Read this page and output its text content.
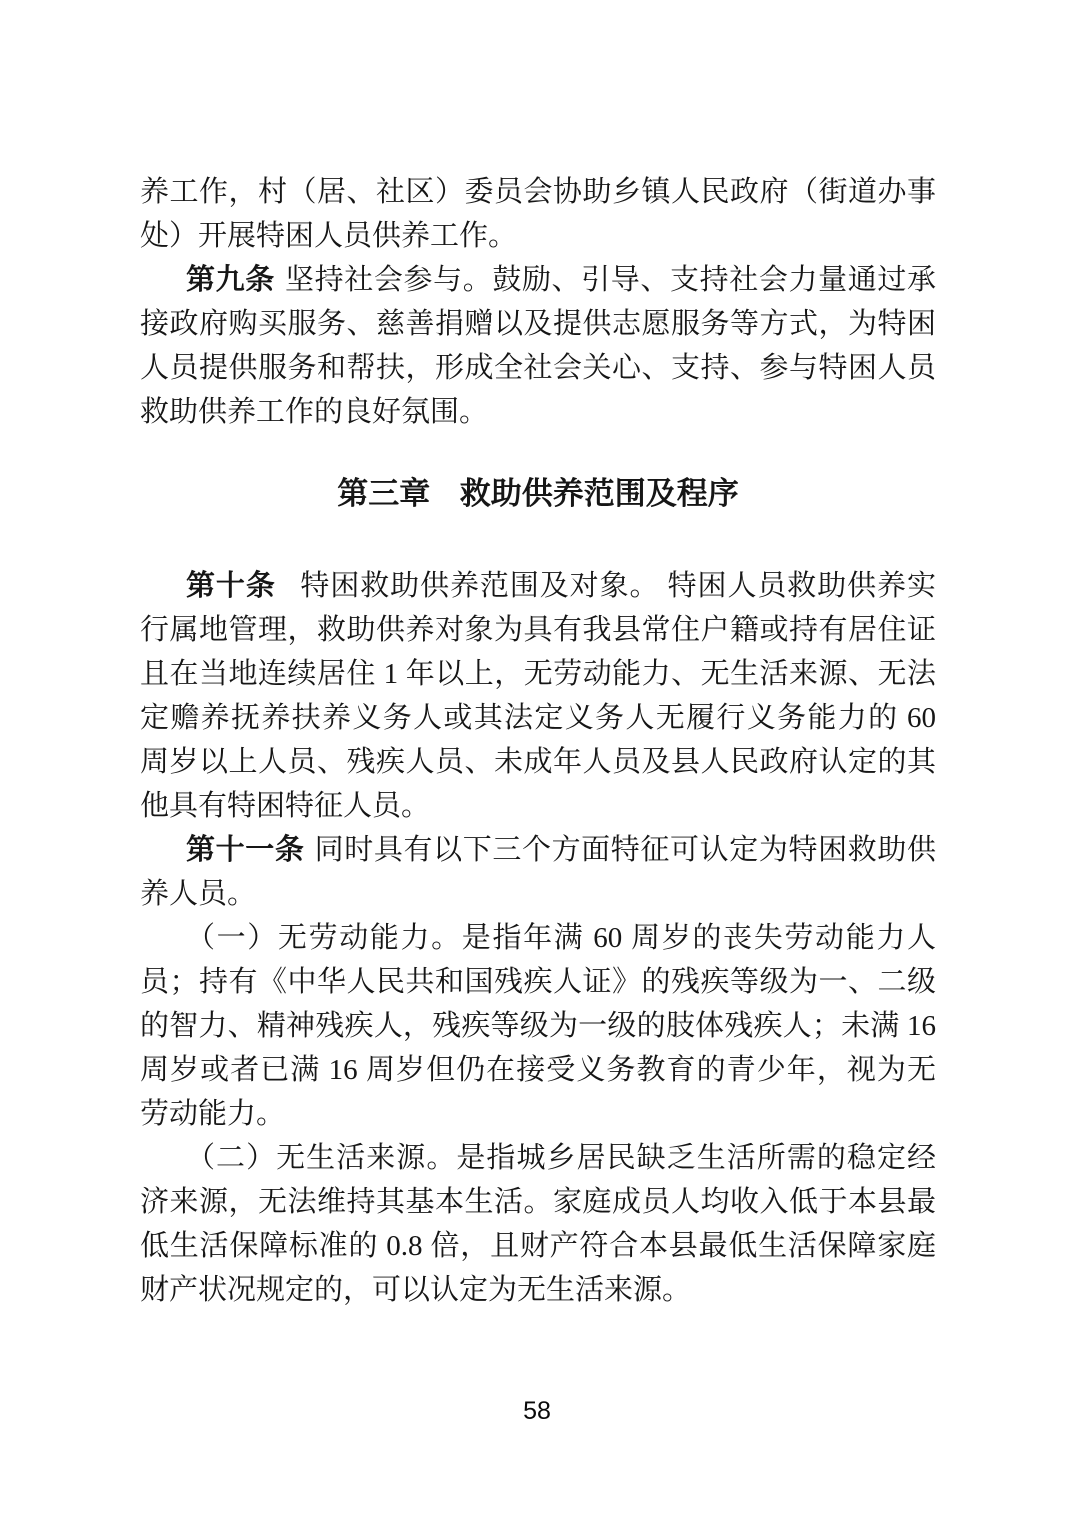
养工作，村（居、社区）委员会协助乡镇人民政府（街道办事处）开展特困人员供养工作。

第九条 坚持社会参与。鼓励、引导、支持社会力量通过承接政府购买服务、慈善捐赠以及提供志愿服务等方式，为特困人员提供服务和帮扶，形成全社会关心、支持、参与特困人员救助供养工作的良好氛围。

第三章 救助供养范围及程序

第十条 特困救助供养范围及对象。 特困人员救助供养实行属地管理，救助供养对象为具有我县常住户籍或持有居住证且在当地连续居住 1 年以上，无劳动能力、无生活来源、无法定赡养抚养扶养义务人或其法定义务人无履行义务能力的 60 周岁以上人员、残疾人员、未成年人员及县人民政府认定的其他具有特困特征人员。

第十一条 同时具有以下三个方面特征可认定为特困救助供养人员。

（一）无劳动能力。是指年满 60 周岁的丧失劳动能力人员；持有《中华人民共和国残疾人证》的残疾等级为一、二级的智力、精神残疾人，残疾等级为一级的肢体残疾人；未满 16 周岁或者已满 16 周岁但仍在接受义务教育的青少年，视为无劳动能力。

（二）无生活来源。是指城乡居民缺乏生活所需的稳定经济来源，无法维持其基本生活。家庭成员人均收入低于本县最低生活保障标准的 0.8 倍，且财产符合本县最低生活保障家庭财产状况规定的，可以认定为无生活来源。

58
